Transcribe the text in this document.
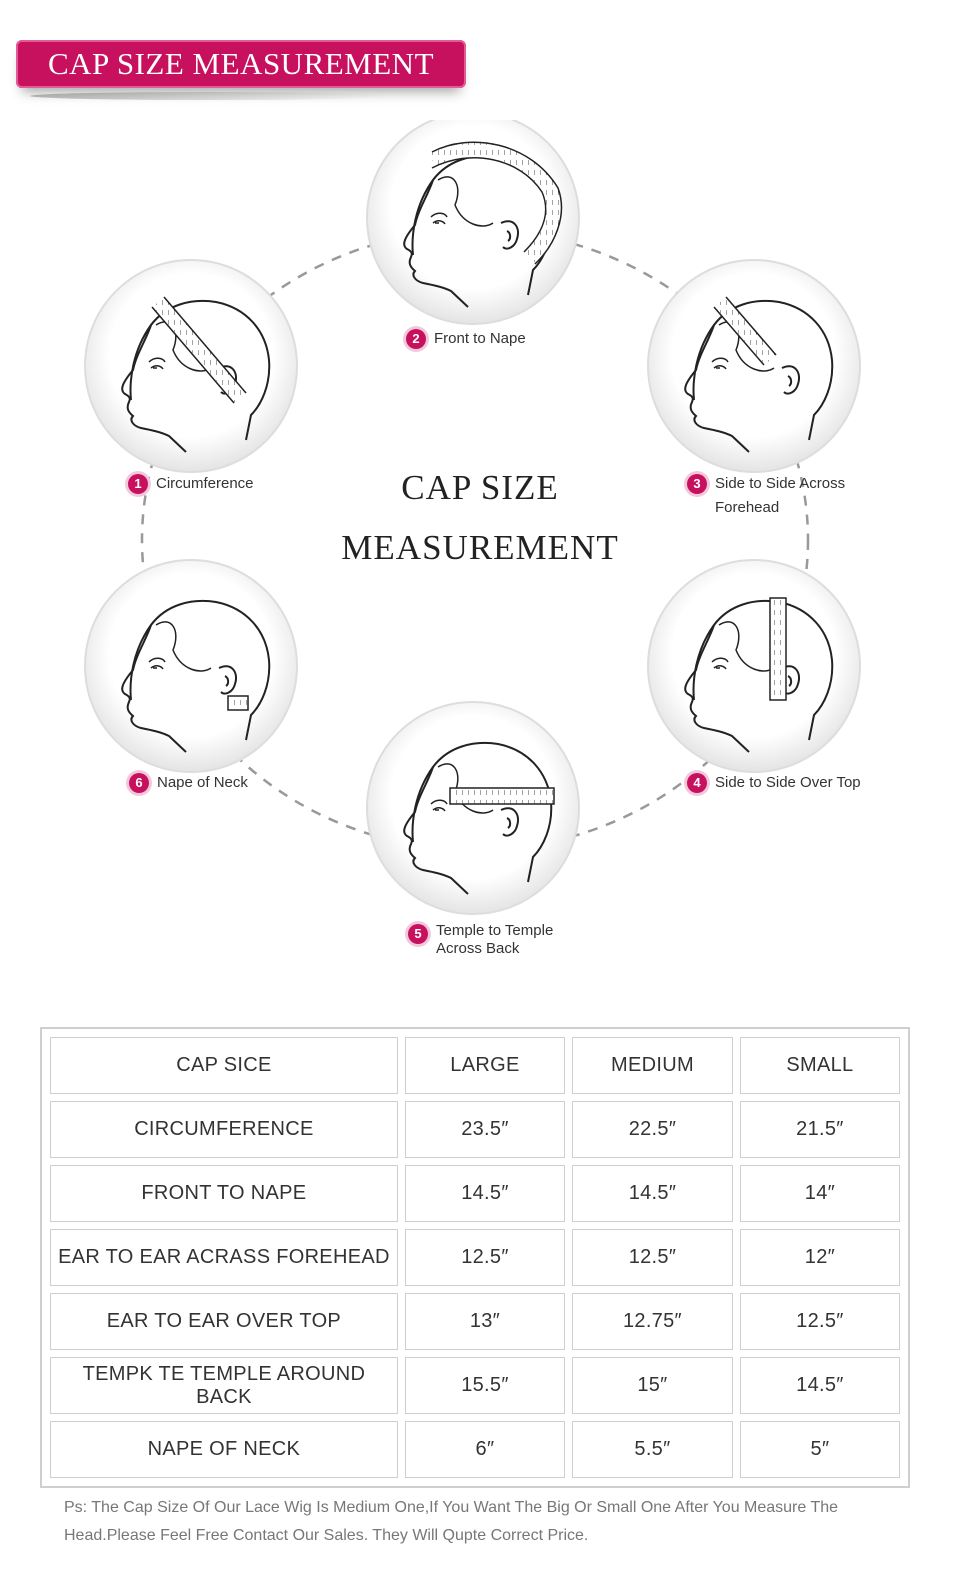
CAP SIZE MEASUREMENT
CAP SIZE
MEASUREMENT
1 Circumference
2 Front to Nape
3 Side to Side Across
Forehead
4 Side to Side Over Top
5 Temple to Temple
Across Back
6 Nape of Neck
CAP SICE	LARGE	MEDIUM	SMALL
CIRCUMFERENCE	23.5″	22.5″	21.5″
FRONT TO NAPE	14.5″	14.5″	14″
EAR TO EAR ACRASS FOREHEAD	12.5″	12.5″	12″
EAR TO EAR OVER TOP	13″	12.75″	12.5″
TEMPK TE TEMPLE AROUND BACK	15.5″	15″	14.5″
NAPE OF NECK	6″	5.5″	5″
Ps: The Cap Size Of Our Lace Wig Is Medium One,If You Want The Big Or Small One After You Measure The Head.Please Feel Free Contact Our Sales. They Will Qupte Correct Price.
